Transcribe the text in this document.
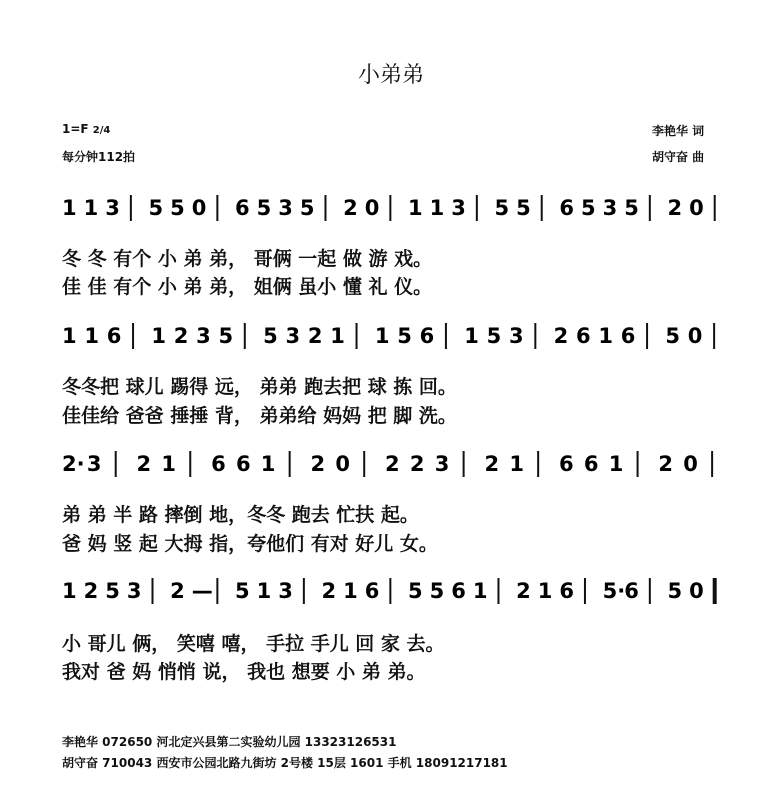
小弟弟
1=F 2/4
每分钟112拍
李艳华 词
胡守奋 曲
1 1 3 5 5 0 6 5 3 5 2 0 1 1 3 5 5 6 5 3 5 2 0
1 1 6 1 2 3 5 5 3 2 1 1 5 6 1 5 3 2 6 1 6 5 0
2· 3 2 1 6 6 1 2 0 2 2 3 2 1 6 6 1 2 0
1 2 5 3 2 — 5 1 3 2 1 6 5 5 6 1 2 1 6 5· 6 5 0
冬 冬 有个 小 弟 弟， 哥俩 一起 做 游 戏。
佳 佳 有个 小 弟 弟， 姐俩 虽小 懂 礼 仪。
冬冬把 球儿 踢得 远， 弟弟 跑去把 球 拣 回。
佳佳给 爸爸 捶捶 背， 弟弟给 妈妈 把 脚 洗。
弟 弟 半 路 摔倒 地，冬冬 跑去 忙扶 起。
爸 妈 竖 起 大拇 指，夸他们 有对 好儿 女。
小 哥儿 俩， 笑嘻 嘻， 手拉 手儿 回 家 去。
我对 爸 妈 悄悄 说， 我也 想要 小 弟 弟。
李艳华 072650 河北定兴县第二实验幼儿园 13323126531
胡守奋 710043 西安市公园北路九街坊 2号楼 15层 1601 手机 18091217181
